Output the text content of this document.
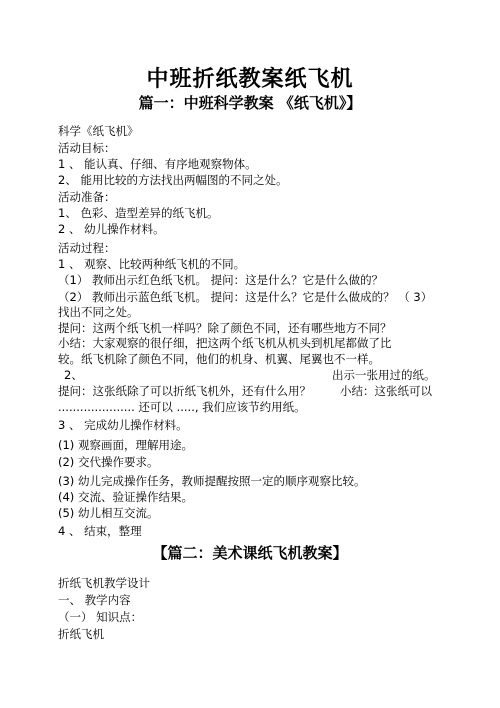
中班折纸教案纸飞机
篇一：中班科学教案 《纸飞机》】
科学《纸飞机》
活动目标：
1 、 能认真、仔细、有序地观察物体。
2、 能用比较的方法找出两幅图的不同之处。
活动准备：
1、 色彩、造型差异的纸飞机。
2 、 幼儿操作材料。
活动过程：
1 、 观察、比较两种纸飞机的不同。
（1） 教师出示红色纸飞机。 提问：这是什么？它是什么做的？
（2） 教师出示蓝色纸飞机。 提问：这是什么？它是什么做成的？ （ 3）
找出不同之处。
提问：这两个纸飞机一样吗？除了颜色不同，还有哪些地方不同？
小结：大家观察的很仔细，把这两个纸飞机从机头到机尾都做了比
较。纸飞机除了颜色不同，他们的机身、机翼、尾翼也不一样。
2、	出示一张用过的纸。
提问：这张纸除了可以折纸飞机外，还有什么用？	小结：这张纸可以
..................... 还可以 ....., 我们应该节约用纸。
3 、 完成幼儿操作材料。
(1) 观察画面，理解用途。
(2) 交代操作要求。
(3) 幼儿完成操作任务，教师提醒按照一定的顺序观察比较。
(4) 交流、验证操作结果。
(5) 幼儿相互交流。
4 、 结束，整理
【篇二：美术课纸飞机教案】
折纸飞机教学设计
一、 教学内容
（一） 知识点：
折纸飞机
